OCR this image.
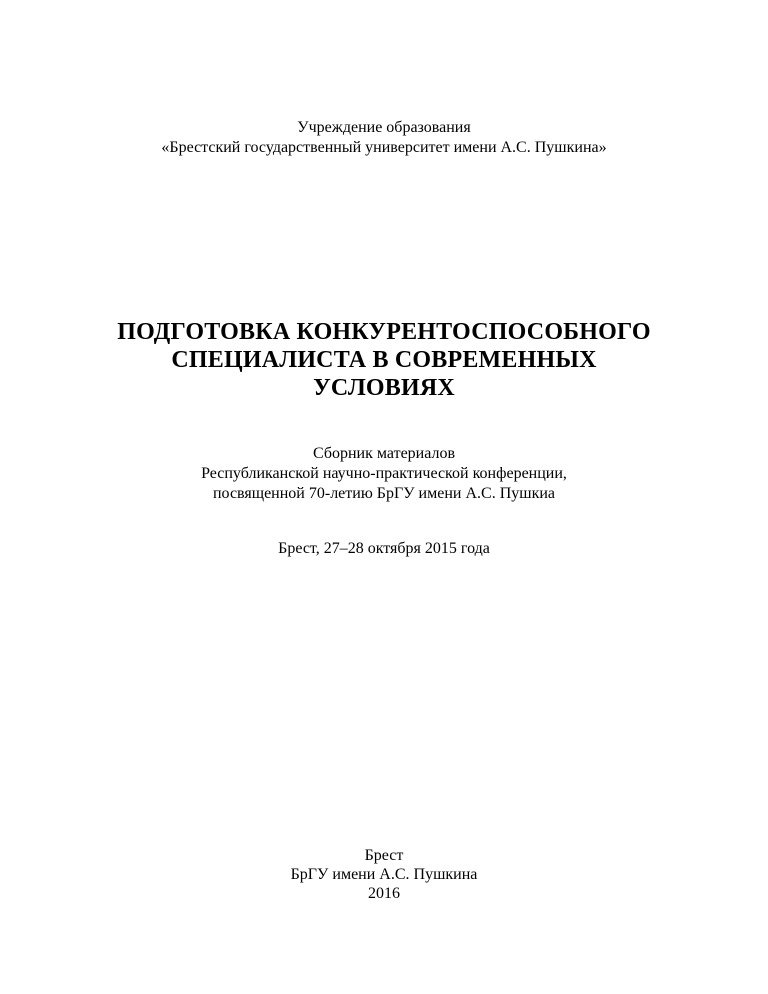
Учреждение образования
«Брестский государственный университет имени А.С. Пушкина»
ПОДГОТОВКА КОНКУРЕНТОСПОСОБНОГО
СПЕЦИАЛИСТА В СОВРЕМЕННЫХ
УСЛОВИЯХ
Сборник материалов
Республиканской научно-практической конференции,
посвященной 70-летию БрГУ имени А.С. Пушкиа
Брест, 27–28 октября 2015 года
Брест
БрГУ имени А.С. Пушкина
2016
